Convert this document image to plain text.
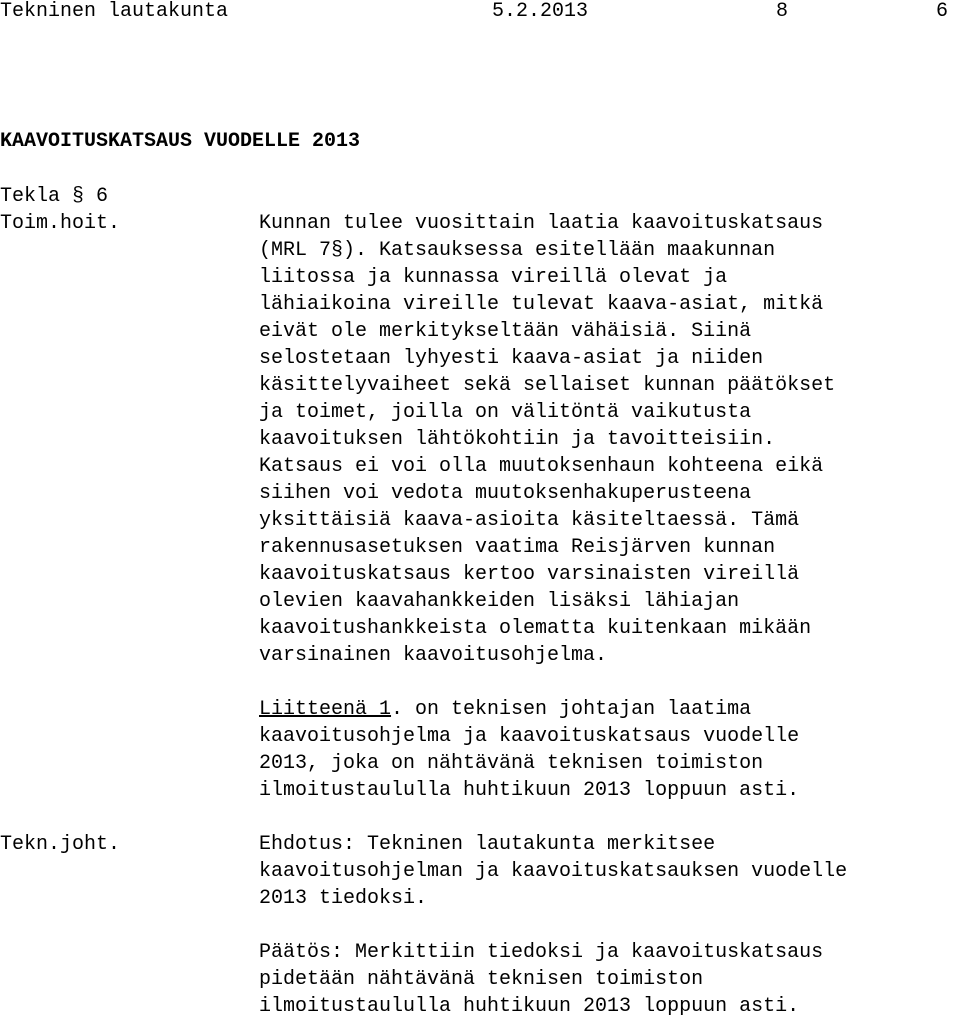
Tekninen lautakunta	5.2.2013	8	6
KAAVOITUSKATSAUS VUODELLE 2013
Tekla § 6
Toim.hoit.	Kunnan tulee vuosittain laatia kaavoituskatsaus
(MRL 7§). Katsauksessa esitellään maakunnan
liitossa ja kunnassa vireillä olevat ja
lähiaikoina vireille tulevat kaava-asiat, mitkä
eivät ole merkitykseltään vähäisiä. Siinä
selostetaan lyhyesti kaava-asiat ja niiden
käsittelyvaiheet sekä sellaiset kunnan päätökset
ja toimet, joilla on välitöntä vaikutusta
kaavoituksen lähtökohtiin ja tavoitteisiin.
Katsaus ei voi olla muutoksenhaun kohteena eikä
siihen voi vedota muutoksenhakuperusteena
yksittäisiä kaava-asioita käsiteltaessä. Tämä
rakennusasetuksen vaatima Reisjärven kunnan
kaavoituskatsaus kertoo varsinaisten vireillä
olevien kaavahankkeiden lisäksi lähiajan
kaavoitushankkeista olematta kuitenkaan mikään
varsinainen kaavoitusohjelma.
Liitteenä 1. on teknisen johtajan laatima
kaavoitusohjelma ja kaavoituskatsaus vuodelle
2013, joka on nähtävänä teknisen toimiston
ilmoitustaululla huhtikuun 2013 loppuun asti.
Tekn.joht.	Ehdotus: Tekninen lautakunta merkitsee
kaavoitusohjelman ja kaavoituskatsauksen vuodelle
2013 tiedoksi.
Päätös: Merkittiin tiedoksi ja kaavoituskatsaus
pidetään nähtävänä teknisen toimiston
ilmoitustaululla huhtikuun 2013 loppuun asti.
